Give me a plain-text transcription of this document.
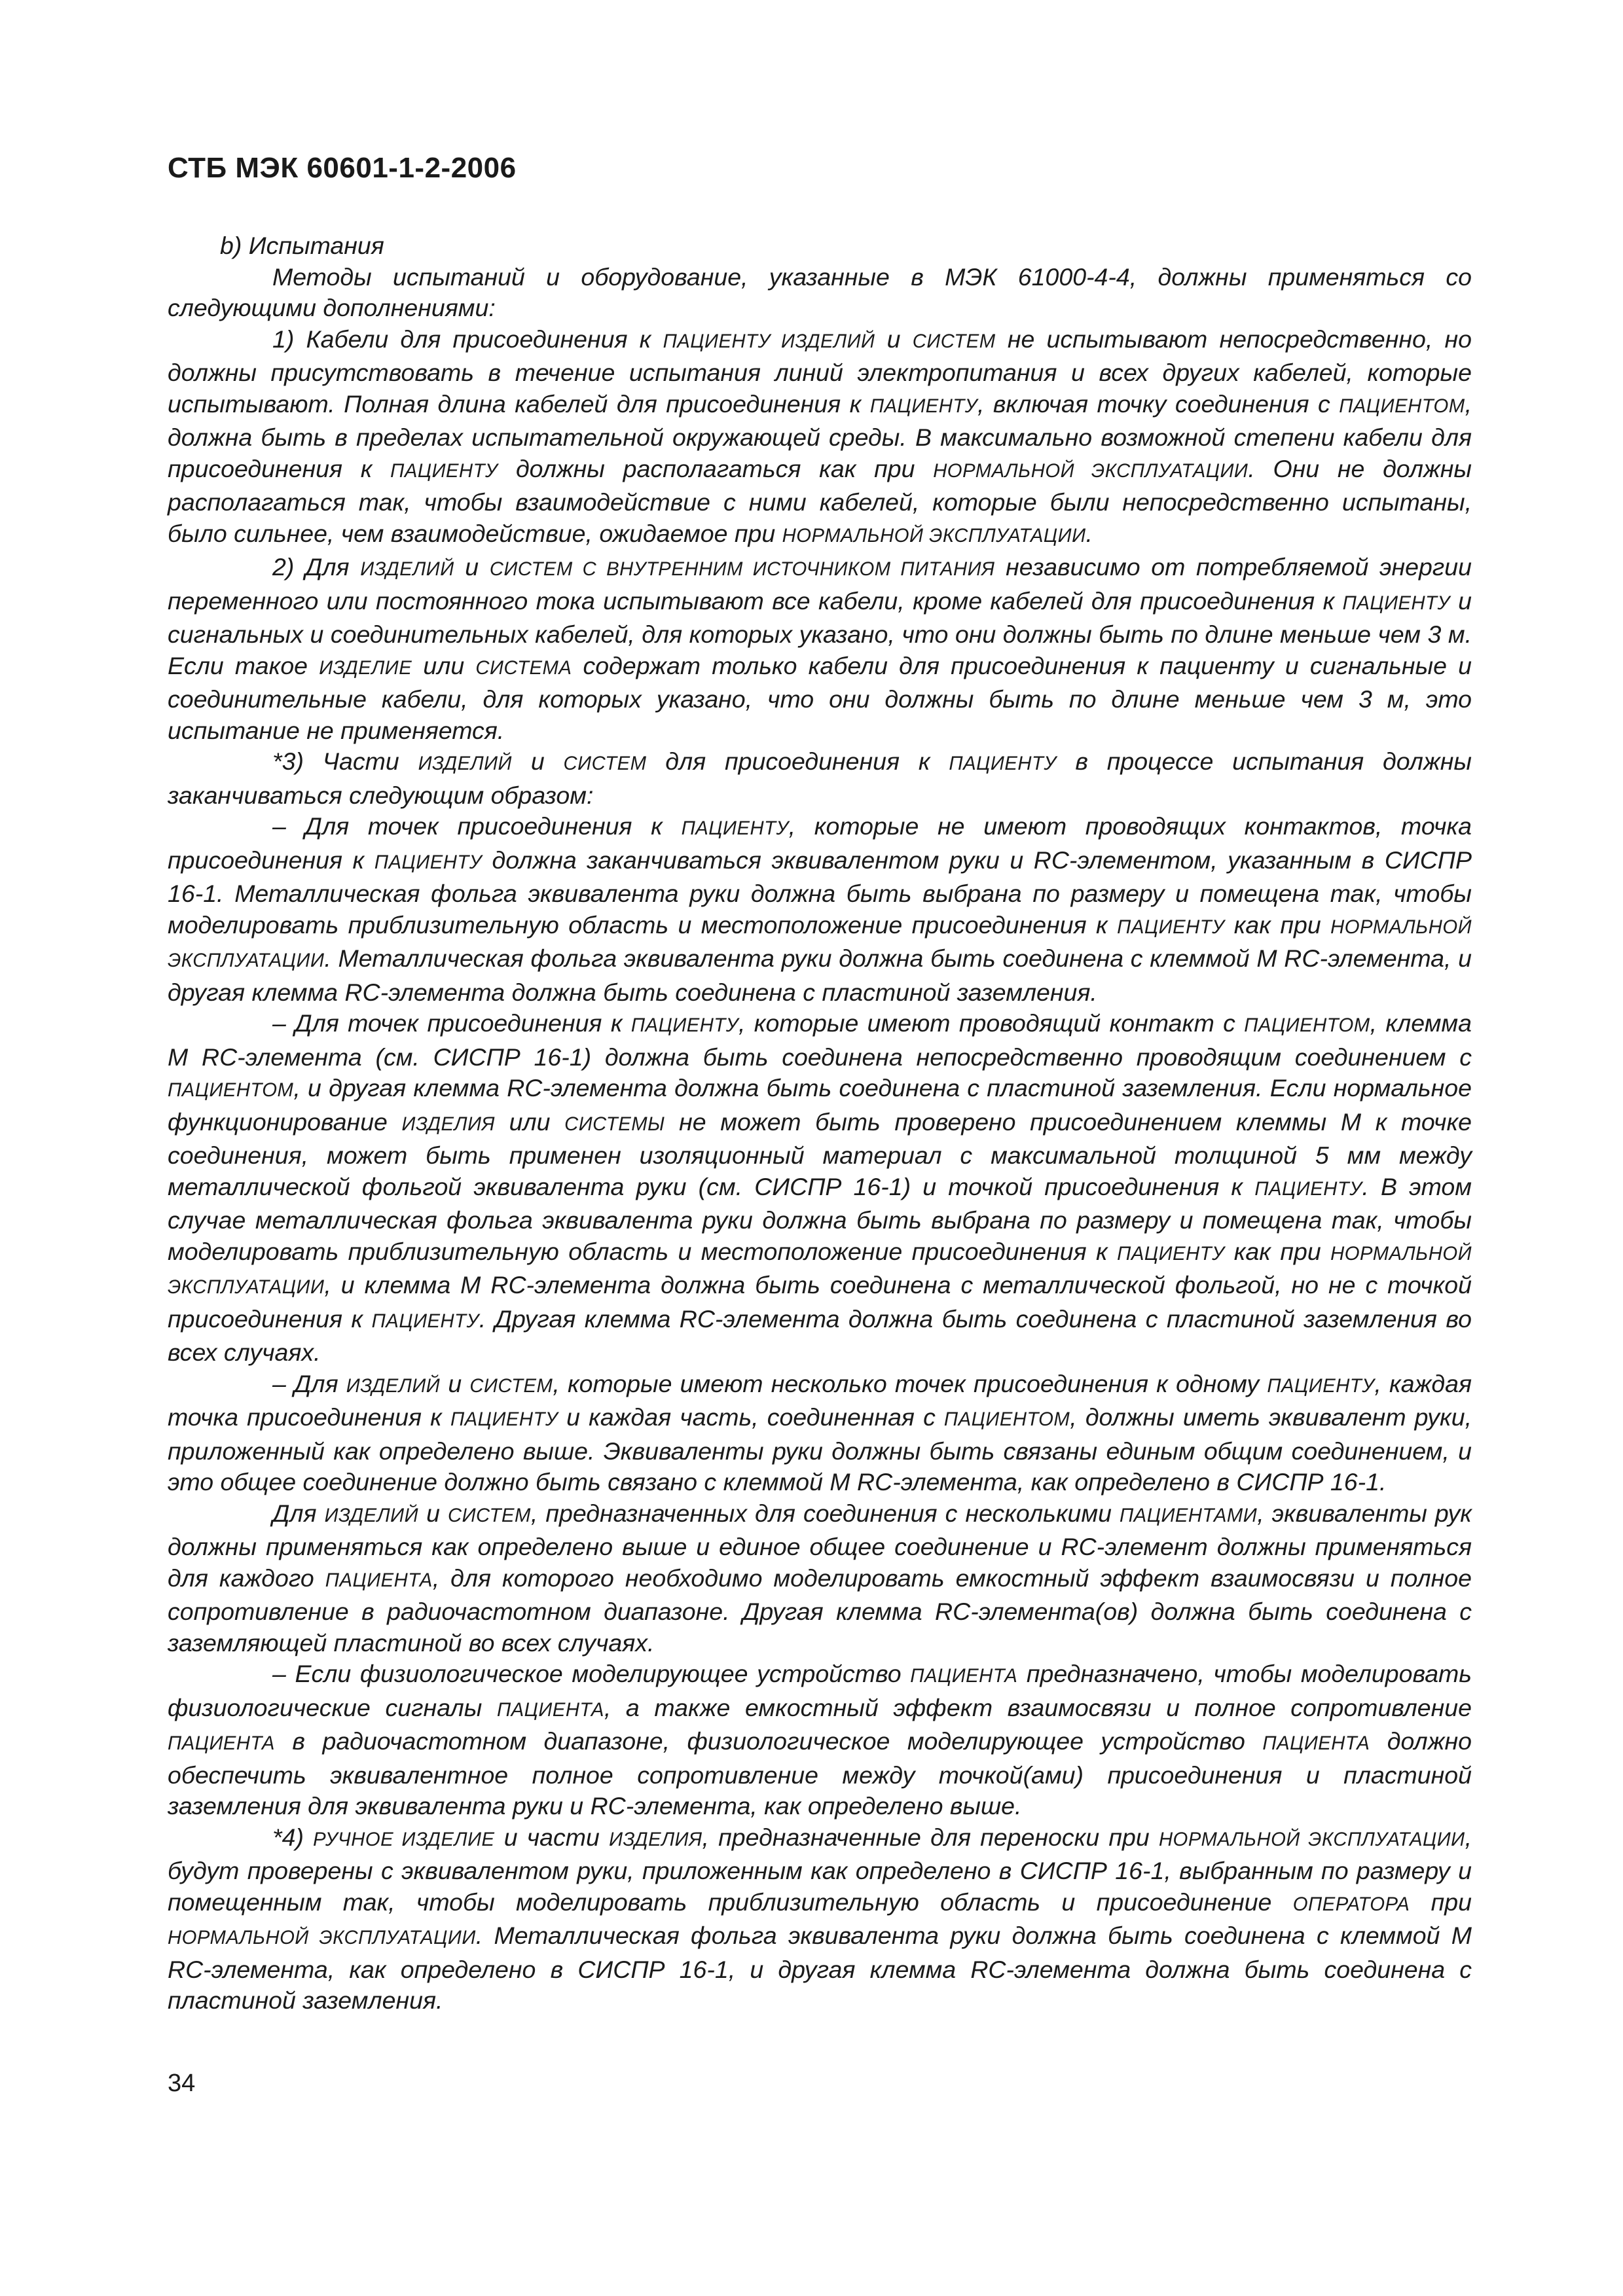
СТБ МЭК 60601-1-2-2006

b) Испытания

Методы испытаний и оборудование, указанные в МЭК 61000-4-4, должны применяться со следующими дополнениями:

1) Кабели для присоединения к ПАЦИЕНТУ ИЗДЕЛИЙ и СИСТЕМ не испытывают непосредственно, но должны присутствовать в течение испытания линий электропитания и всех других кабелей, которые испытывают. Полная длина кабелей для присоединения к ПАЦИЕНТУ, включая точку соединения с ПАЦИЕНТОМ, должна быть в пределах испытательной окружающей среды. В максимально возможной степени кабели для присоединения к ПАЦИЕНТУ должны располагаться как при НОРМАЛЬНОЙ ЭКСПЛУАТАЦИИ. Они не должны располагаться так, чтобы взаимодействие с ними кабелей, которые были непосредственно испытаны, было сильнее, чем взаимодействие, ожидаемое при НОРМАЛЬНОЙ ЭКСПЛУАТАЦИИ.

2) Для ИЗДЕЛИЙ и СИСТЕМ С ВНУТРЕННИМ ИСТОЧНИКОМ ПИТАНИЯ независимо от потребляемой энергии переменного или постоянного тока испытывают все кабели, кроме кабелей для присоединения к ПАЦИЕНТУ и сигнальных и соединительных кабелей, для которых указано, что они должны быть по длине меньше чем 3 м. Если такое ИЗДЕЛИЕ или СИСТЕМА содержат только кабели для присоединения к пациенту и сигнальные и соединительные кабели, для которых указано, что они должны быть по длине меньше чем 3 м, это испытание не применяется.

*3) Части ИЗДЕЛИЙ и СИСТЕМ для присоединения к ПАЦИЕНТУ в процессе испытания должны заканчиваться следующим образом:

– Для точек присоединения к ПАЦИЕНТУ, которые не имеют проводящих контактов, точка присоединения к ПАЦИЕНТУ должна заканчиваться эквивалентом руки и RC-элементом, указанным в СИСПР 16-1. Металлическая фольга эквивалента руки должна быть выбрана по размеру и помещена так, чтобы моделировать приблизительную область и местоположение присоединения к ПАЦИЕНТУ как при НОРМАЛЬНОЙ ЭКСПЛУАТАЦИИ. Металлическая фольга эквивалента руки должна быть соединена с клеммой М RC-элемента, и другая клемма RC-элемента должна быть соединена с пластиной заземления.

– Для точек присоединения к ПАЦИЕНТУ, которые имеют проводящий контакт с ПАЦИЕНТОМ, клемма М RC-элемента (см. СИСПР 16-1) должна быть соединена непосредственно проводящим соединением с ПАЦИЕНТОМ, и другая клемма RC-элемента должна быть соединена с пластиной заземления. Если нормальное функционирование ИЗДЕЛИЯ или СИСТЕМЫ не может быть проверено присоединением клеммы М к точке соединения, может быть применен изоляционный материал с максимальной толщиной 5 мм между металлической фольгой эквивалента руки (см. СИСПР 16-1) и точкой присоединения к ПАЦИЕНТУ. В этом случае металлическая фольга эквивалента руки должна быть выбрана по размеру и помещена так, чтобы моделировать приблизительную область и местоположение присоединения к ПАЦИЕНТУ как при НОРМАЛЬНОЙ ЭКСПЛУАТАЦИИ, и клемма М RC-элемента должна быть соединена с металлической фольгой, но не с точкой присоединения к ПАЦИЕНТУ. Другая клемма RC-элемента должна быть соединена с пластиной заземления во всех случаях.

– Для ИЗДЕЛИЙ и СИСТЕМ, которые имеют несколько точек присоединения к одному ПАЦИЕНТУ, каждая точка присоединения к ПАЦИЕНТУ и каждая часть, соединенная с ПАЦИЕНТОМ, должны иметь эквивалент руки, приложенный как определено выше. Эквиваленты руки должны быть связаны единым общим соединением, и это общее соединение должно быть связано с клеммой М RC-элемента, как определено в СИСПР 16-1.

Для ИЗДЕЛИЙ и СИСТЕМ, предназначенных для соединения с несколькими ПАЦИЕНТАМИ, эквиваленты рук должны применяться как определено выше и единое общее соединение и RC-элемент должны применяться для каждого ПАЦИЕНТА, для которого необходимо моделировать емкостный эффект взаимосвязи и полное сопротивление в радиочастотном диапазоне. Другая клемма RC-элемента(ов) должна быть соединена с заземляющей пластиной во всех случаях.

– Если физиологическое моделирующее устройство ПАЦИЕНТА предназначено, чтобы моделировать физиологические сигналы ПАЦИЕНТА, а также емкостный эффект взаимосвязи и полное сопротивление ПАЦИЕНТА в радиочастотном диапазоне, физиологическое моделирующее устройство ПАЦИЕНТА должно обеспечить эквивалентное полное сопротивление между точкой(ами) присоединения и пластиной заземления для эквивалента руки и RC-элемента, как определено выше.

*4) РУЧНОЕ ИЗДЕЛИЕ и части ИЗДЕЛИЯ, предназначенные для переноски при НОРМАЛЬНОЙ ЭКСПЛУАТАЦИИ, будут проверены с эквивалентом руки, приложенным как определено в СИСПР 16-1, выбранным по размеру и помещенным так, чтобы моделировать приблизительную область и присоединение ОПЕРАТОРА при НОРМАЛЬНОЙ ЭКСПЛУАТАЦИИ. Металлическая фольга эквивалента руки должна быть соединена с клеммой М RC-элемента, как определено в СИСПР 16-1, и другая клемма RC-элемента должна быть соединена с пластиной заземления.

34
